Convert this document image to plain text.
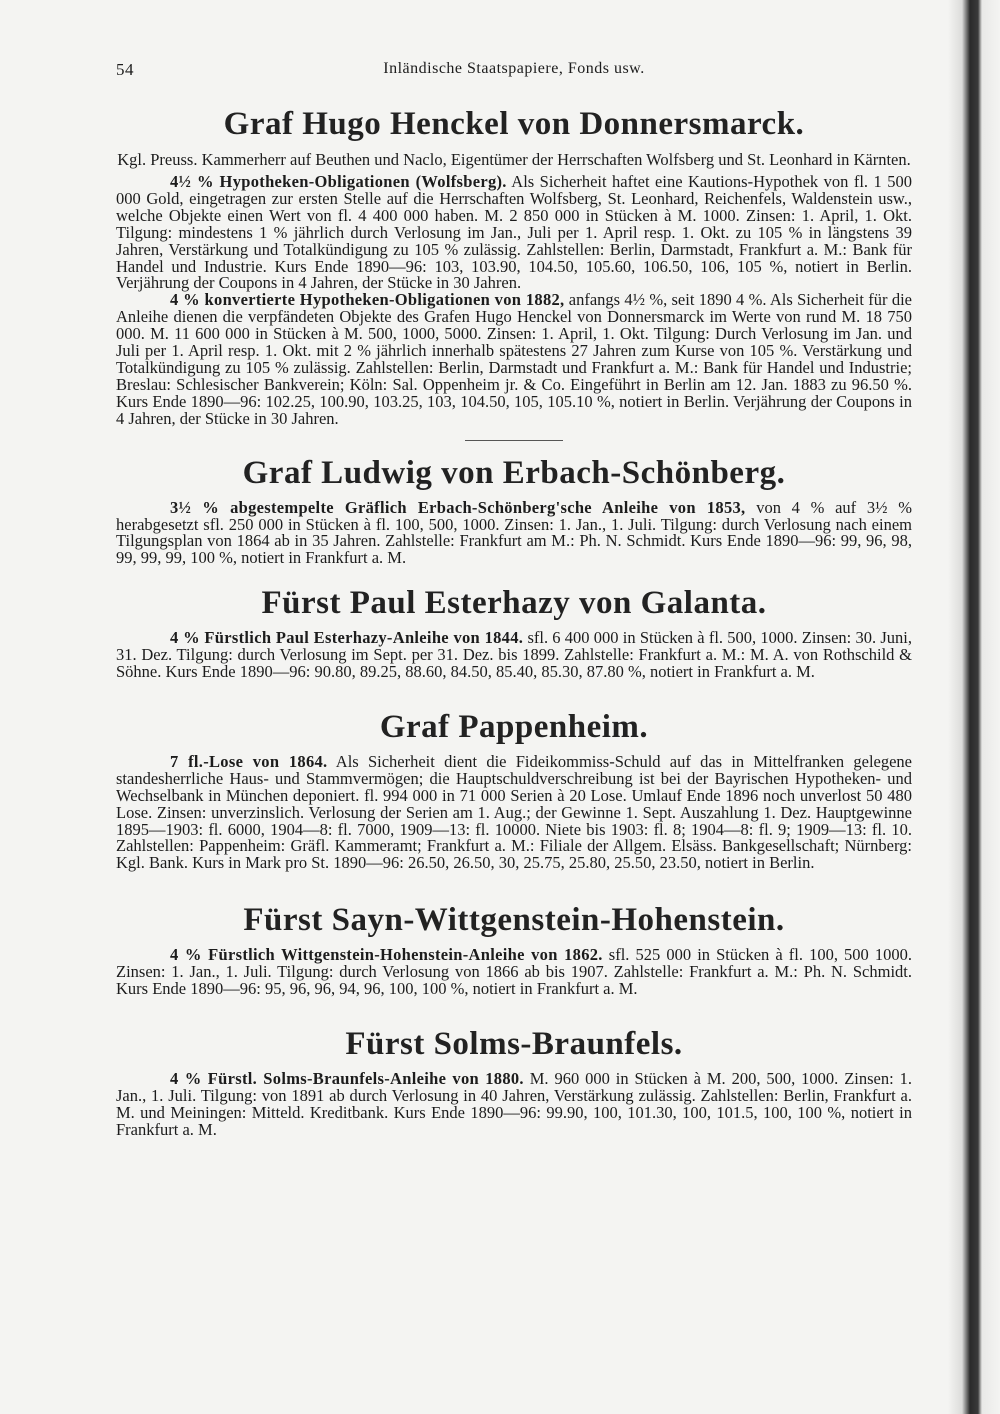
54	Inländische Staatspapiere, Fonds usw.
Graf Hugo Henckel von Donnersmarck.

Kgl. Preuss. Kammerherr auf Beuthen und Naclo, Eigentümer der Herrschaften Wolfsberg und St. Leonhard in Kärnten.

4½ % Hypotheken-Obligationen (Wolfsberg). Als Sicherheit haftet eine Kautions-Hypothek von fl. 1 500 000 Gold, eingetragen zur ersten Stelle auf die Herrschaften Wolfsberg, St. Leonhard, Reichenfels, Waldenstein usw., welche Objekte einen Wert von fl. 4 400 000 haben. M. 2 850 000 in Stücken à M. 1000. Zinsen: 1. April, 1. Okt. Tilgung: mindestens 1 % jährlich durch Verlosung im Jan., Juli per 1. April resp. 1. Okt. zu 105 % in längstens 39 Jahren, Verstärkung und Totalkündigung zu 105 % zulässig. Zahlstellen: Berlin, Darmstadt, Frankfurt a. M.: Bank für Handel und Industrie. Kurs Ende 1890—96: 103, 103.90, 104.50, 105.60, 106.50, 106, 105 %, notiert in Berlin. Verjährung der Coupons in 4 Jahren, der Stücke in 30 Jahren.

4 % konvertierte Hypotheken-Obligationen von 1882, anfangs 4½ %, seit 1890 4 %. Als Sicherheit für die Anleihe dienen die verpfändeten Objekte des Grafen Hugo Henckel von Donnersmarck im Werte von rund M. 18 750 000. M. 11 600 000 in Stücken à M. 500, 1000, 5000. Zinsen: 1. April, 1. Okt. Tilgung: Durch Verlosung im Jan. und Juli per 1. April resp. 1. Okt. mit 2 % jährlich innerhalb spätestens 27 Jahren zum Kurse von 105 %. Verstärkung und Totalkündigung zu 105 % zulässig. Zahlstellen: Berlin, Darmstadt und Frankfurt a. M.: Bank für Handel und Industrie; Breslau: Schlesischer Bankverein; Köln: Sal. Oppenheim jr. & Co. Eingeführt in Berlin am 12. Jan. 1883 zu 96.50 %. Kurs Ende 1890—96: 102.25, 100.90, 103.25, 103, 104.50, 105, 105.10 %, notiert in Berlin. Verjährung der Coupons in 4 Jahren, der Stücke in 30 Jahren.

Graf Ludwig von Erbach-Schönberg.

3½ % abgestempelte Gräflich Erbach-Schönberg'sche Anleihe von 1853, von 4 % auf 3½ % herabgesetzt sfl. 250 000 in Stücken à fl. 100, 500, 1000. Zinsen: 1. Jan., 1. Juli. Tilgung: durch Verlosung nach einem Tilgungsplan von 1864 ab in 35 Jahren. Zahlstelle: Frankfurt am M.: Ph. N. Schmidt. Kurs Ende 1890—96: 99, 96, 98, 99, 99, 99, 100 %, notiert in Frankfurt a. M.

Fürst Paul Esterhazy von Galanta.

4 % Fürstlich Paul Esterhazy-Anleihe von 1844. sfl. 6 400 000 in Stücken à fl. 500, 1000. Zinsen: 30. Juni, 31. Dez. Tilgung: durch Verlosung im Sept. per 31. Dez. bis 1899. Zahlstelle: Frankfurt a. M.: M. A. von Rothschild & Söhne. Kurs Ende 1890—96: 90.80, 89.25, 88.60, 84.50, 85.40, 85.30, 87.80 %, notiert in Frankfurt a. M.

Graf Pappenheim.

7 fl.-Lose von 1864. Als Sicherheit dient die Fideikommiss-Schuld auf das in Mittelfranken gelegene standesherrliche Haus- und Stammvermögen; die Hauptschuldverschreibung ist bei der Bayrischen Hypotheken- und Wechselbank in München deponiert. fl. 994 000 in 71 000 Serien à 20 Lose. Umlauf Ende 1896 noch unverlost 50 480 Lose. Zinsen: unverzinslich. Verlosung der Serien am 1. Aug.; der Gewinne 1. Sept. Auszahlung 1. Dez. Hauptgewinne 1895—1903: fl. 6000, 1904—8: fl. 7000, 1909—13: fl. 10000. Niete bis 1903: fl. 8; 1904—8: fl. 9; 1909—13: fl. 10. Zahlstellen: Pappenheim: Gräfl. Kammeramt; Frankfurt a. M.: Filiale der Allgem. Elsäss. Bankgesellschaft; Nürnberg: Kgl. Bank. Kurs in Mark pro St. 1890—96: 26.50, 26.50, 30, 25.75, 25.80, 25.50, 23.50, notiert in Berlin.

Fürst Sayn-Wittgenstein-Hohenstein.

4 % Fürstlich Wittgenstein-Hohenstein-Anleihe von 1862. sfl. 525 000 in Stücken à fl. 100, 500 1000. Zinsen: 1. Jan., 1. Juli. Tilgung: durch Verlosung von 1866 ab bis 1907. Zahlstelle: Frankfurt a. M.: Ph. N. Schmidt. Kurs Ende 1890—96: 95, 96, 96, 94, 96, 100, 100 %, notiert in Frankfurt a. M.

Fürst Solms-Braunfels.

4 % Fürstl. Solms-Braunfels-Anleihe von 1880. M. 960 000 in Stücken à M. 200, 500, 1000. Zinsen: 1. Jan., 1. Juli. Tilgung: von 1891 ab durch Verlosung in 40 Jahren, Verstärkung zulässig. Zahlstellen: Berlin, Frankfurt a. M. und Meiningen: Mitteld. Kreditbank. Kurs Ende 1890—96: 99.90, 100, 101.30, 100, 101.5, 100, 100 %, notiert in Frankfurt a. M.
